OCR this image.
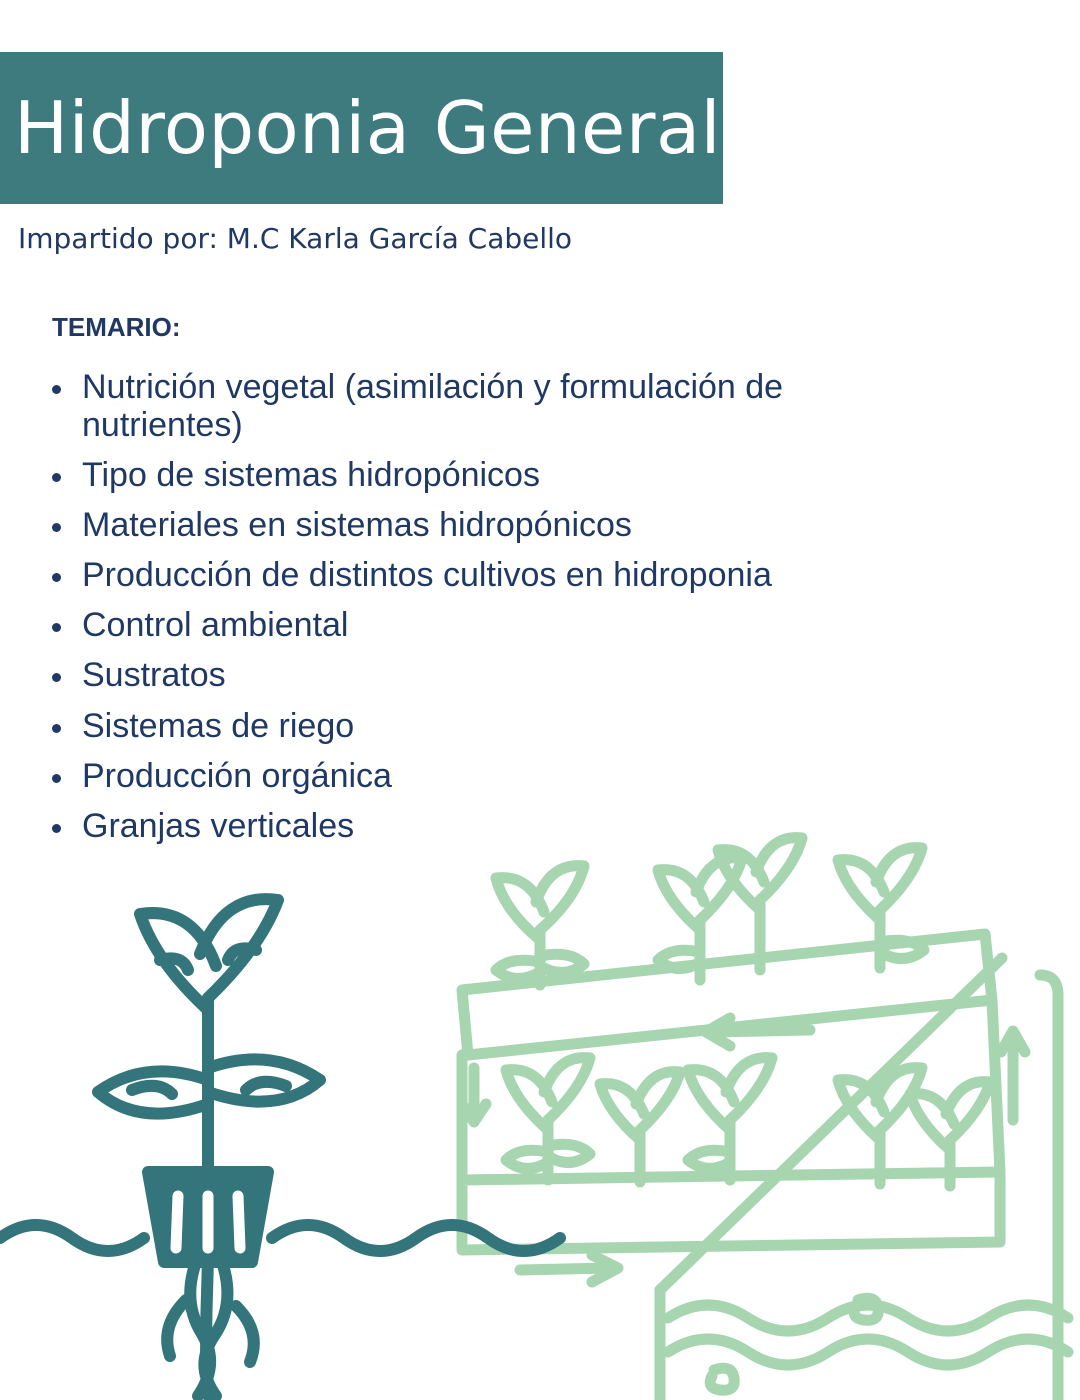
Hidroponia General
Impartido por: M.C Karla García Cabello
TEMARIO:
Nutrición vegetal (asimilación y formulación de nutrientes)
Tipo de sistemas hidropónicos
Materiales en sistemas hidropónicos
Producción de distintos cultivos en hidroponia
Control ambiental
Sustratos
Sistemas de riego
Producción orgánica
Granjas verticales
